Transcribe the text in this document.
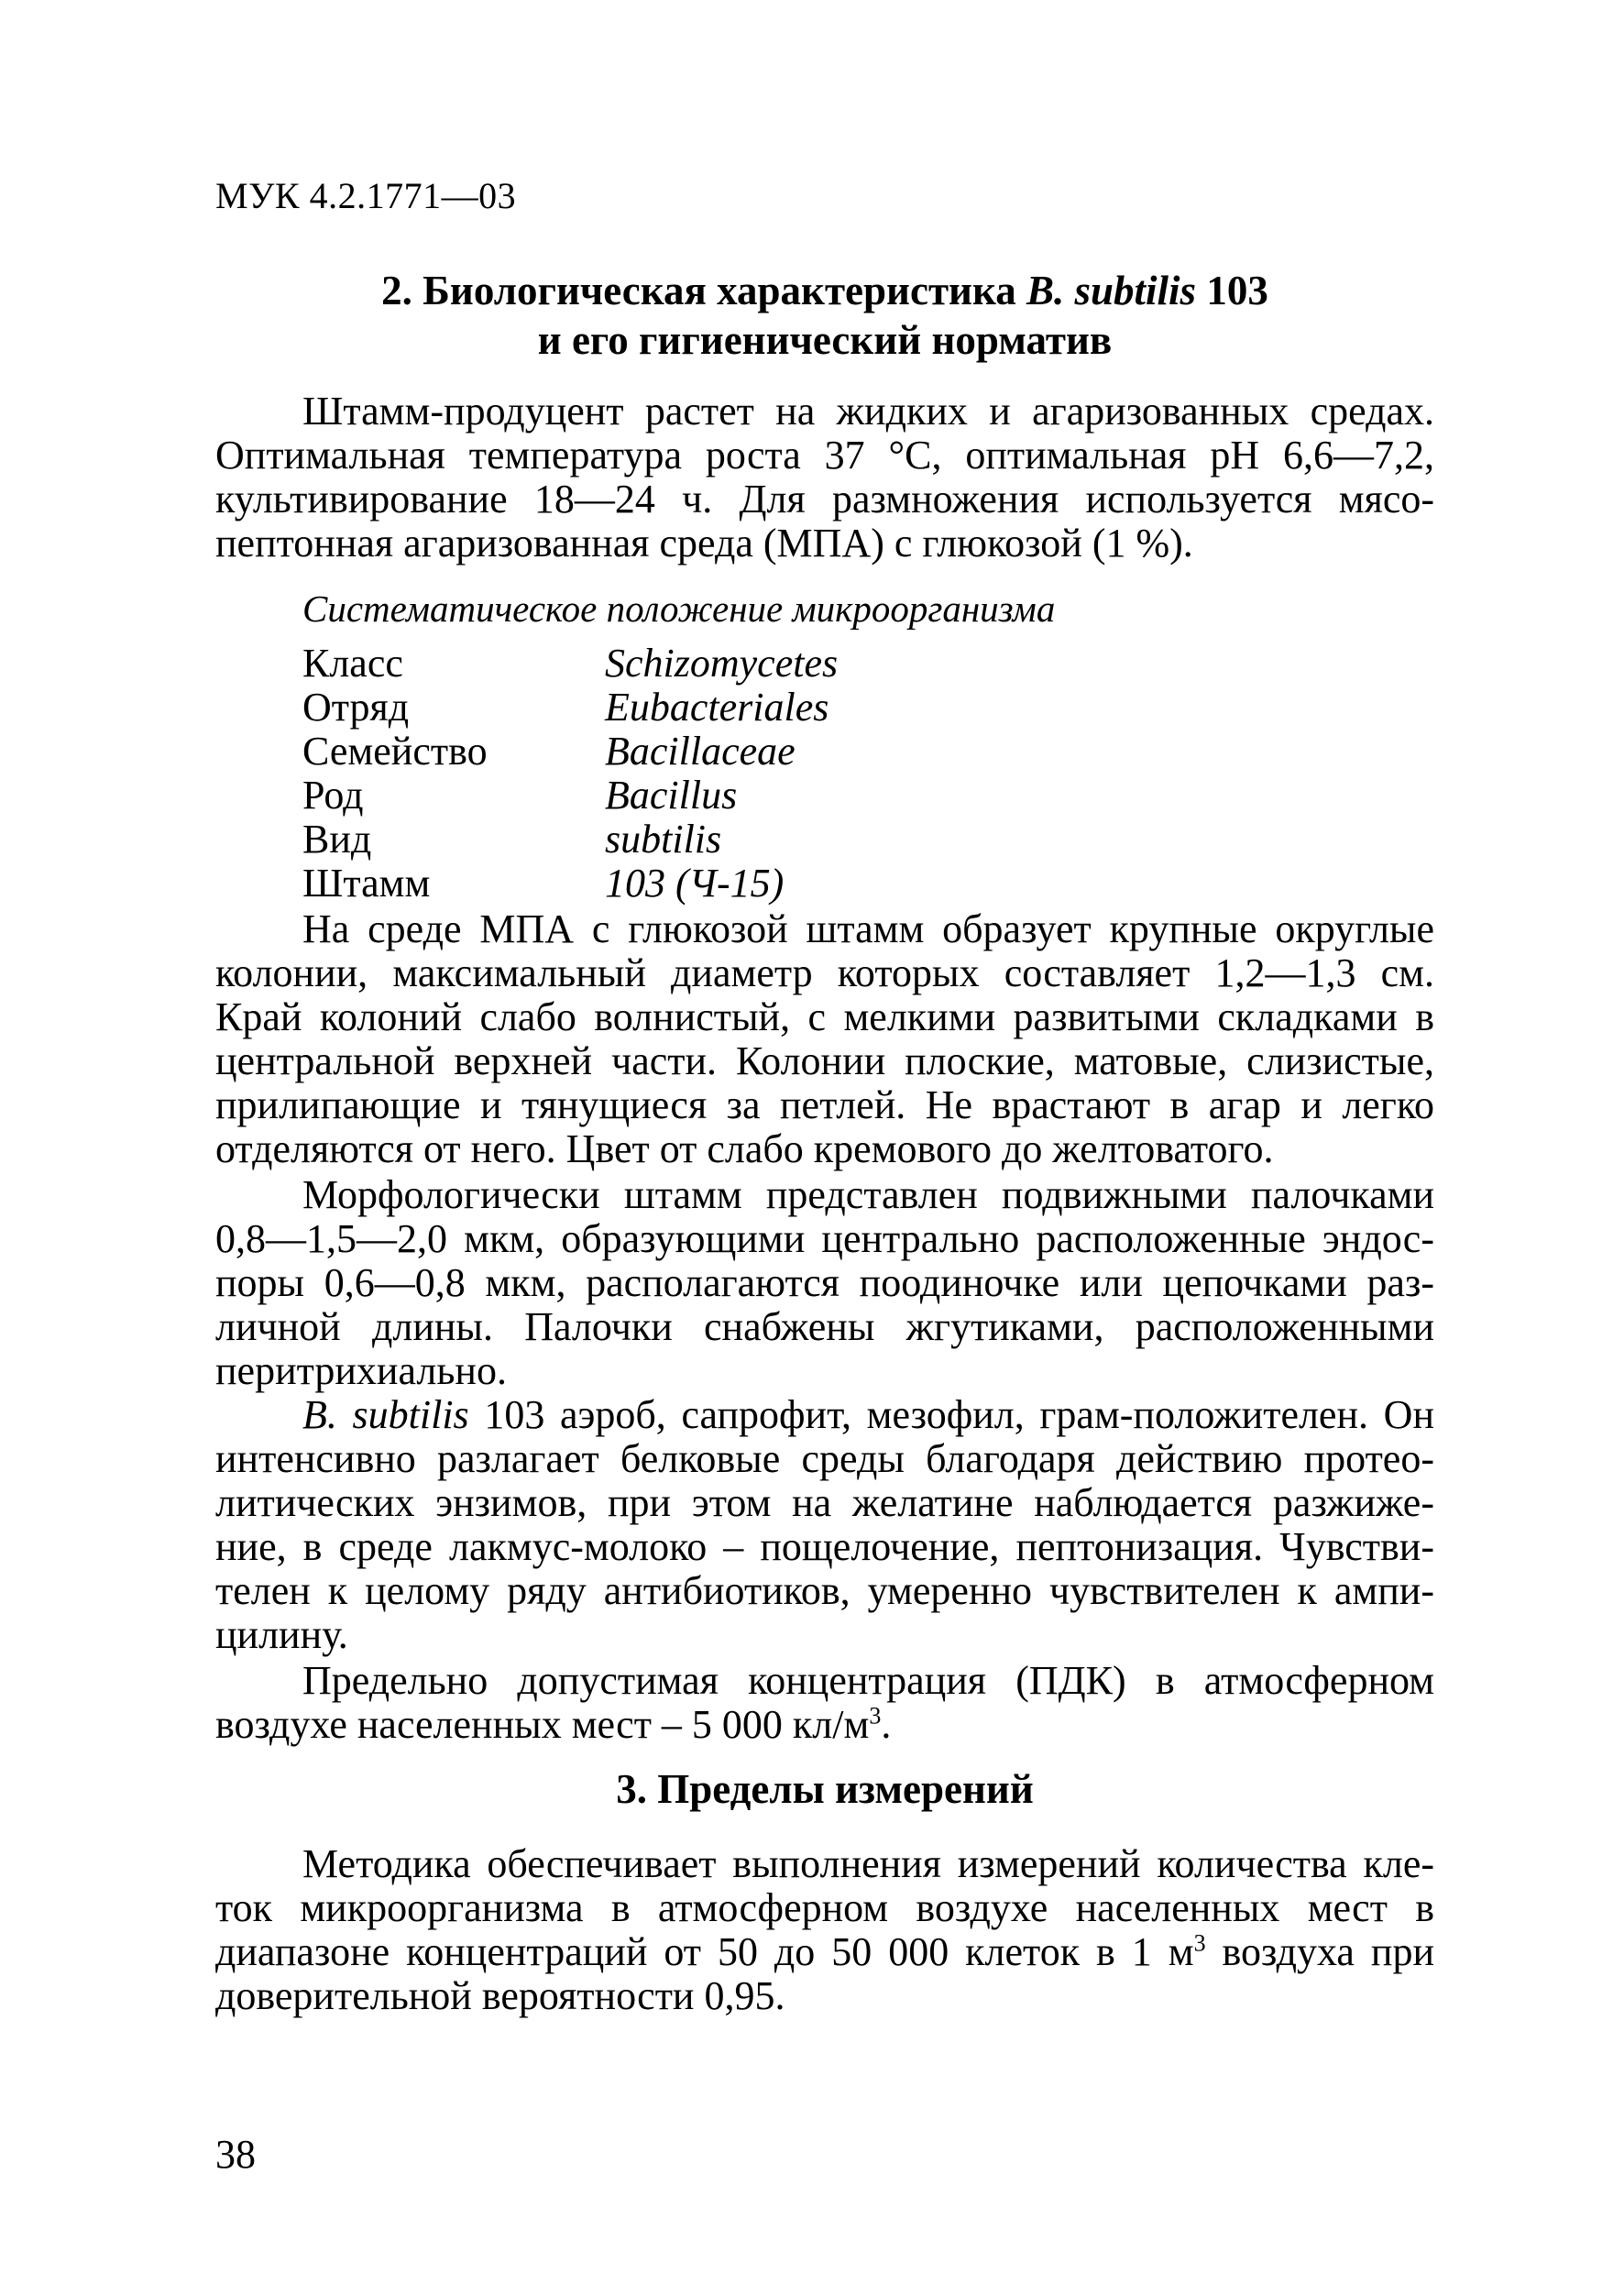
МУК 4.2.1771—03
2. Биологическая характеристика B. subtilis 103
и его гигиенический норматив
Штамм-продуцент растет на жидких и агаризованных средах.
Оптимальная температура роста 37 °С, оптимальная pH 6,6—7,2,
культивирование 18—24 ч. Для размножения используется мясо-
пептонная агаризованная среда (МПА) с глюкозой (1 %).
Систематическое положение микроорганизма
Класс	Schizomycetes
Отряд	Eubacteriales
Семейство	Bacillaceae
Род	Bacillus
Вид	subtilis
Штамм	103 (Ч-15)
На среде МПА с глюкозой штамм образует крупные округлые
колонии, максимальный диаметр которых составляет 1,2—1,3 см.
Край колоний слабо волнистый, с мелкими развитыми складками в
центральной верхней части. Колонии плоские, матовые, слизистые,
прилипающие и тянущиеся за петлей. Не врастают в агар и легко
отделяются от него. Цвет от слабо кремового до желтоватого.
Морфологически штамм представлен подвижными палочками
0,8—1,5—2,0 мкм, образующими центрально расположенные эндос-
поры 0,6—0,8 мкм, располагаются поодиночке или цепочками раз-
личной длины. Палочки снабжены жгутиками, расположенными
перитрихиально.
B. subtilis 103 аэроб, сапрофит, мезофил, грам-положителен. Он
интенсивно разлагает белковые среды благодаря действию протео-
литических энзимов, при этом на желатине наблюдается разжиже-
ние, в среде лакмус-молоко – пощелочение, пептонизация. Чувстви-
телен к целому ряду антибиотиков, умеренно чувствителен к ампи-
цилину.
Предельно допустимая концентрация (ПДК) в атмосферном
воздухе населенных мест – 5 000 $кл/м^3$.
3. Пределы измерений
Методика обеспечивает выполнения измерений количества кле-
ток микроорганизма в атмосферном воздухе населенных мест в
диапазоне концентраций от 50 до 50 000 клеток в 1 $м^3$ воздуха при
доверительной вероятности 0,95.
38
